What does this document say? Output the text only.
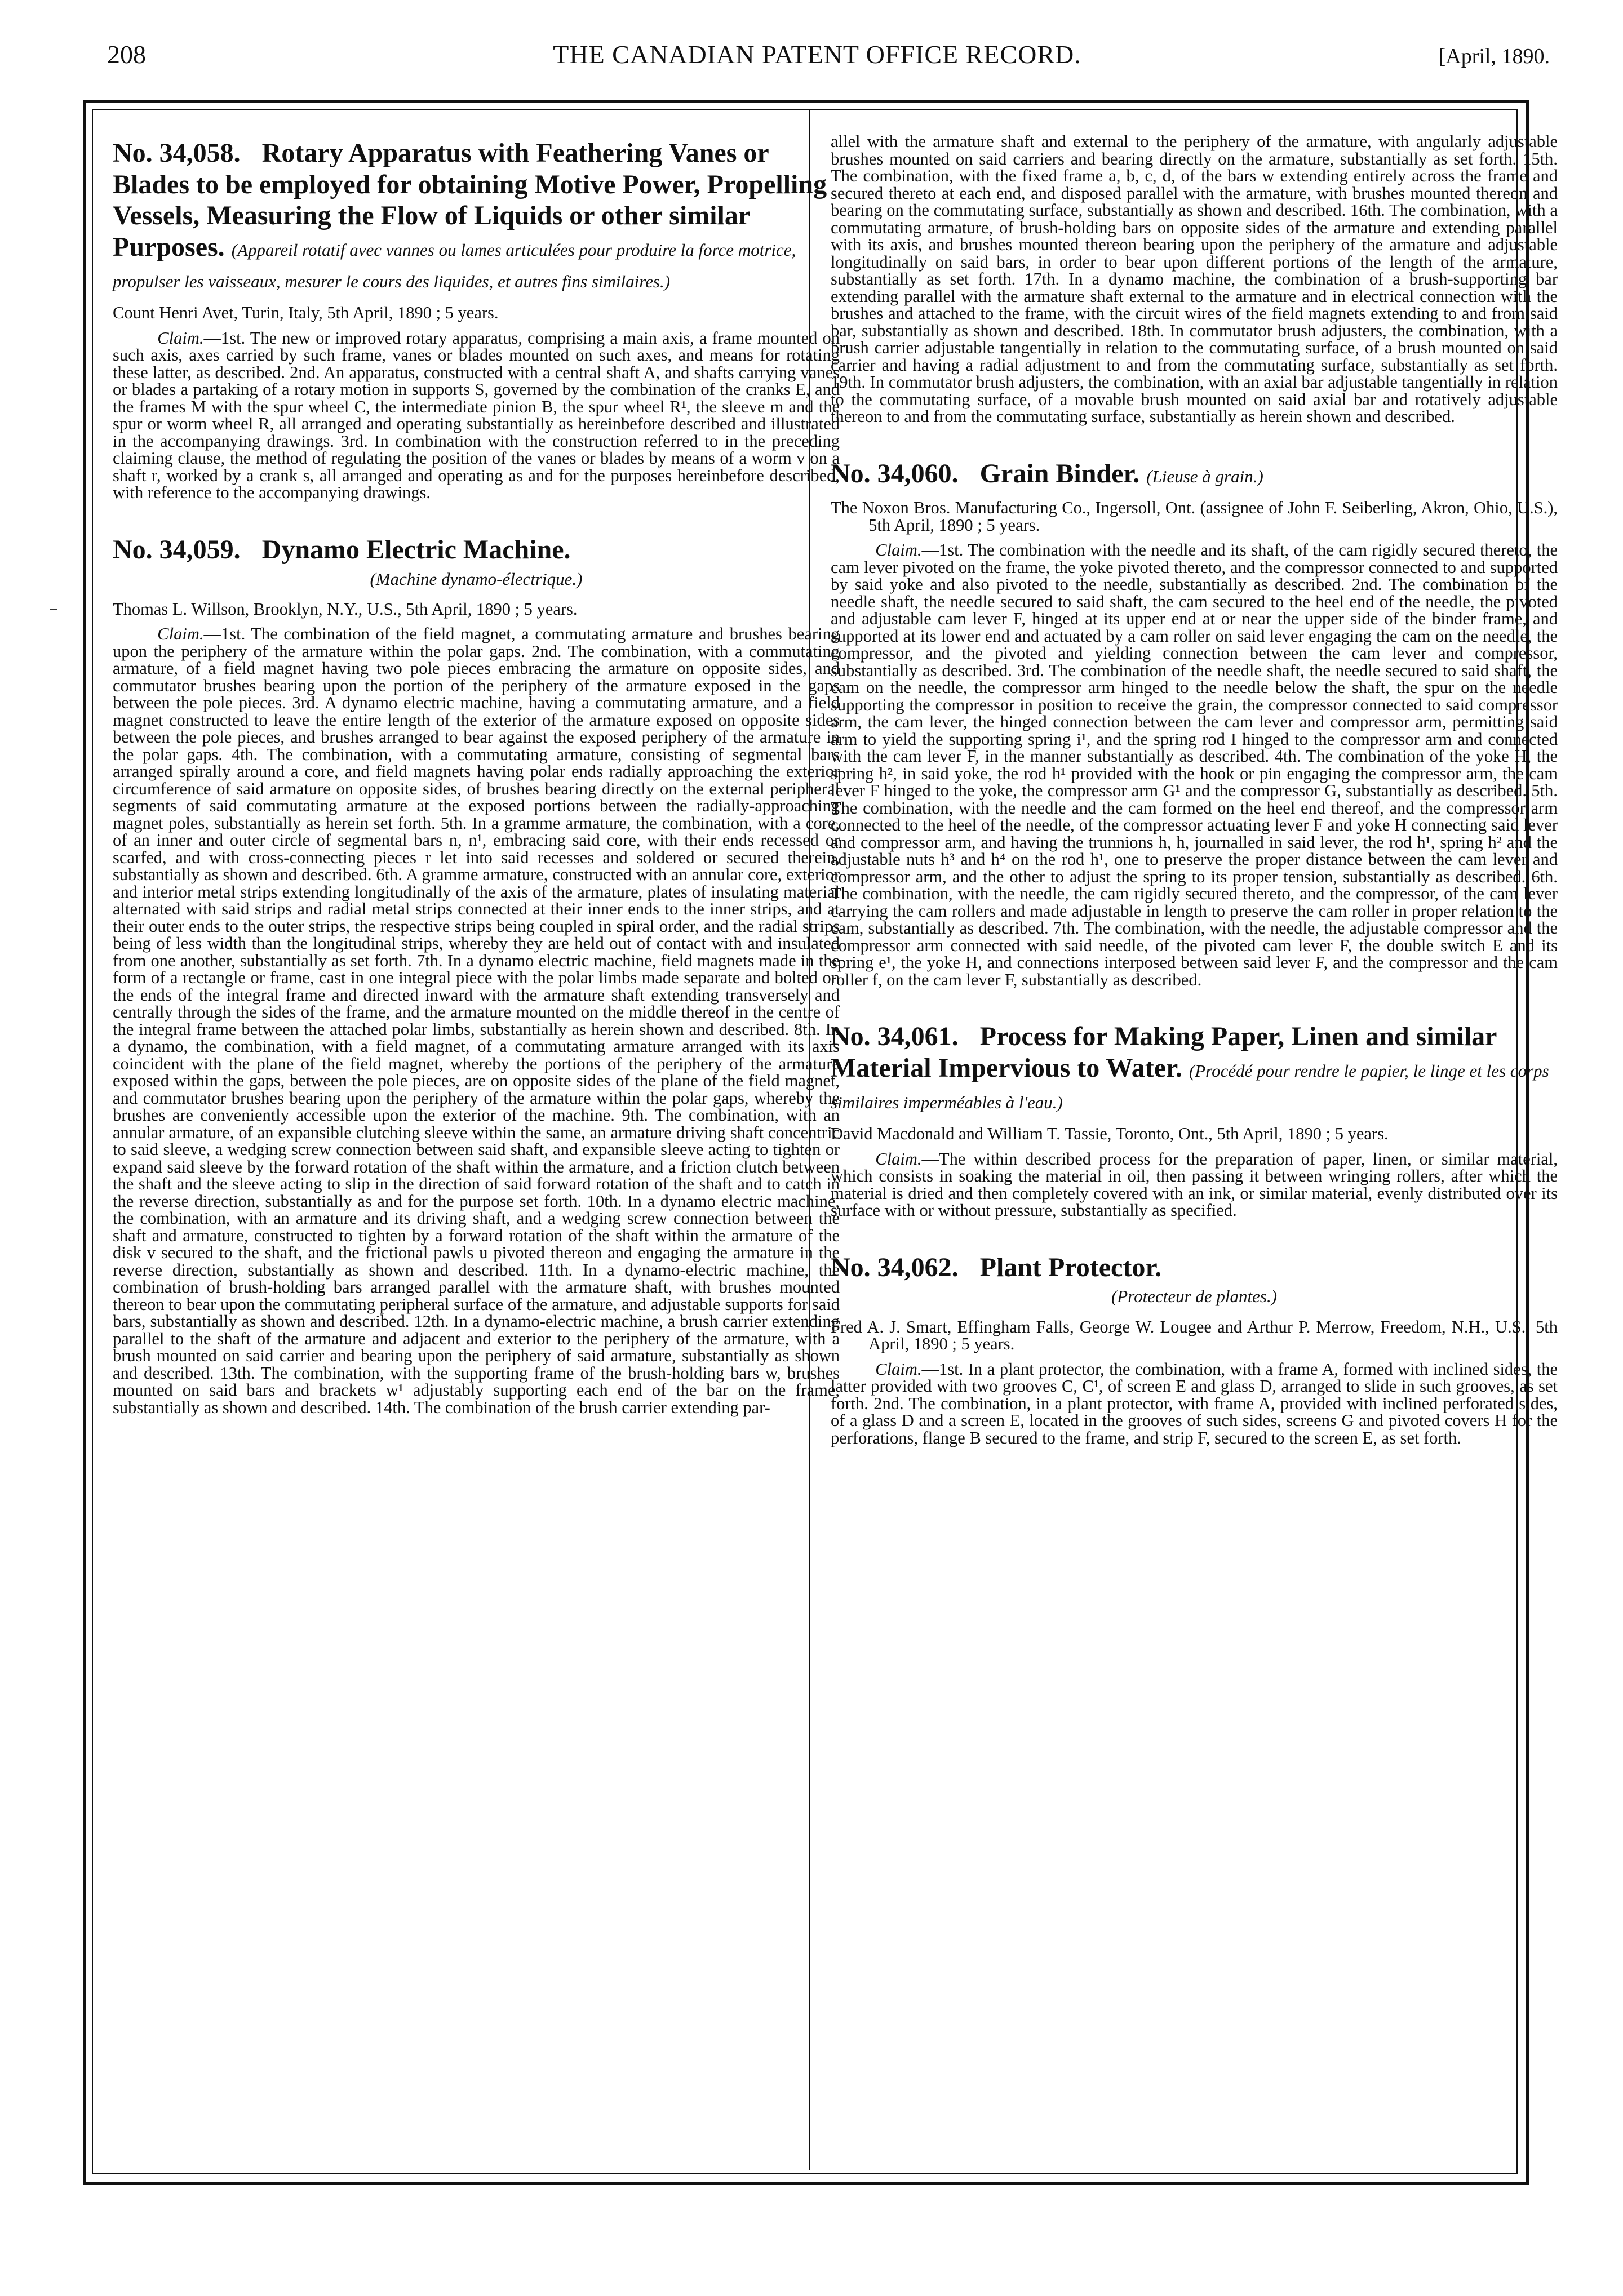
208	THE CANADIAN PATENT OFFICE RECORD.	[April, 1890.
No. 34,058. Rotary Apparatus with Feathering Vanes or Blades to be employed for obtaining Motive Power, Propelling Vessels, Measuring the Flow of Liquids or other similar Purposes. (Appareil rotatif avec vannes ou lames articulées pour produire la force motrice, propulser les vaisseaux, mesurer le cours des liquides, et autres fins similaires.)

Count Henri Avet, Turin, Italy, 5th April, 1890 ; 5 years.

Claim.—1st. The new or improved rotary apparatus, comprising a main axis, a frame mounted on such axis, axes carried by such frame, vanes or blades mounted on such axes, and means for rotating these latter, as described. 2nd. An apparatus, constructed with a central shaft A, and shafts carrying vanes or blades a partaking of a rotary motion in supports S, governed by the combination of the cranks E, and the frames M with the spur wheel C, the intermediate pinion B, the spur wheel R¹, the sleeve m and the spur or worm wheel R, all arranged and operating substantially as hereinbefore described and illustrated in the accompanying drawings. 3rd. In combination with the construction referred to in the preceding claiming clause, the method of regulating the position of the vanes or blades by means of a worm v on a shaft r, worked by a crank s, all arranged and operating as and for the purposes hereinbefore described, with reference to the accompanying drawings.

No. 34,059. Dynamo Electric Machine.

(Machine dynamo-électrique.)

Thomas L. Willson, Brooklyn, N.Y., U.S., 5th April, 1890 ; 5 years.

Claim.—1st. The combination of the field magnet, a commutating armature and brushes bearing upon the periphery of the armature within the polar gaps. 2nd. The combination, with a commutating armature, of a field magnet having two pole pieces embracing the armature on opposite sides, and commutator brushes bearing upon the portion of the periphery of the armature exposed in the gaps between the pole pieces. 3rd. A dynamo electric machine, having a commutating armature, and a field magnet constructed to leave the entire length of the exterior of the armature exposed on opposite sides between the pole pieces, and brushes arranged to bear against the exposed periphery of the armature in the polar gaps. 4th. The combination, with a commutating armature, consisting of segmental bars arranged spirally around a core, and field magnets having polar ends radially approaching the exterior circumference of said armature on opposite sides, of brushes bearing directly on the external peripheral segments of said commutating armature at the exposed portions between the radially-approaching magnet poles, substantially as herein set forth. 5th. In a gramme armature, the combination, with a core, of an inner and outer circle of segmental bars n, n¹, embracing said core, with their ends recessed or scarfed, and with cross-connecting pieces r let into said recesses and soldered or secured therein, substantially as shown and described. 6th. A gramme armature, constructed with an annular core, exterior and interior metal strips extending longitudinally of the axis of the armature, plates of insulating material alternated with said strips and radial metal strips connected at their inner ends to the inner strips, and at their outer ends to the outer strips, the respective strips being coupled in spiral order, and the radial strips being of less width than the longitudinal strips, whereby they are held out of contact with and insulated from one another, substantially as set forth. 7th. In a dynamo electric machine, field magnets made in the form of a rectangle or frame, cast in one integral piece with the polar limbs made separate and bolted on the ends of the integral frame and directed inward with the armature shaft extending transversely and centrally through the sides of the frame, and the armature mounted on the middle thereof in the centre of the integral frame between the attached polar limbs, substantially as herein shown and described. 8th. In a dynamo, the combination, with a field magnet, of a commutating armature arranged with its axis coincident with the plane of the field magnet, whereby the portions of the periphery of the armature exposed within the gaps, between the pole pieces, are on opposite sides of the plane of the field magnet, and commutator brushes bearing upon the periphery of the armature within the polar gaps, whereby the brushes are conveniently accessible upon the exterior of the machine. 9th. The combination, with an annular armature, of an expansible clutching sleeve within the same, an armature driving shaft concentric to said sleeve, a wedging screw connection between said shaft, and expansible sleeve acting to tighten or expand said sleeve by the forward rotation of the shaft within the armature, and a friction clutch between the shaft and the sleeve acting to slip in the direction of said forward rotation of the shaft and to catch in the reverse direction, substantially as and for the purpose set forth. 10th. In a dynamo electric machine, the combination, with an armature and its driving shaft, and a wedging screw connection between the shaft and armature, constructed to tighten by a forward rotation of the shaft within the armature of the disk v secured to the shaft, and the frictional pawls u pivoted thereon and engaging the armature in the reverse direction, substantially as shown and described. 11th. In a dynamo-electric machine, the combination of brush-holding bars arranged parallel with the armature shaft, with brushes mounted thereon to bear upon the commutating peripheral surface of the armature, and adjustable supports for said bars, substantially as shown and described. 12th. In a dynamo-electric machine, a brush carrier extending parallel to the shaft of the armature and adjacent and exterior to the periphery of the armature, with a brush mounted on said carrier and bearing upon the periphery of said armature, substantially as shown and described. 13th. The combination, with the supporting frame of the brush-holding bars w, brushes mounted on said bars and brackets w¹ adjustably supporting each end of the bar on the frame, substantially as shown and described. 14th. The combination of the brush carrier extending par-

allel with the armature shaft and external to the periphery of the armature, with angularly adjustable brushes mounted on said carriers and bearing directly on the armature, substantially as set forth. 15th. The combination, with the fixed frame a, b, c, d, of the bars w extending entirely across the frame and secured thereto at each end, and disposed parallel with the armature, with brushes mounted thereon and bearing on the commutating surface, substantially as shown and described. 16th. The combination, with a commutating armature, of brush-holding bars on opposite sides of the armature and extending parallel with its axis, and brushes mounted thereon bearing upon the periphery of the armature and adjustable longitudinally on said bars, in order to bear upon different portions of the length of the armature, substantially as set forth. 17th. In a dynamo machine, the combination of a brush-supporting bar extending parallel with the armature shaft external to the armature and in electrical connection with the brushes and attached to the frame, with the circuit wires of the field magnets extending to and from said bar, substantially as shown and described. 18th. In commutator brush adjusters, the combination, with a brush carrier adjustable tangentially in relation to the commutating surface, of a brush mounted on said carrier and having a radial adjustment to and from the commutating surface, substantially as set forth. 19th. In commutator brush adjusters, the combination, with an axial bar adjustable tangentially in relation to the commutating surface, of a movable brush mounted on said axial bar and rotatively adjustable thereon to and from the commutating surface, substantially as herein shown and described.

No. 34,060. Grain Binder. (Lieuse à grain.)

The Noxon Bros. Manufacturing Co., Ingersoll, Ont. (assignee of John F. Seiberling, Akron, Ohio, U.S.), 5th April, 1890 ; 5 years.

Claim.—1st. The combination with the needle and its shaft, of the cam rigidly secured thereto, the cam lever pivoted on the frame, the yoke pivoted thereto, and the compressor connected to and supported by said yoke and also pivoted to the needle, substantially as described. 2nd. The combination of the needle shaft, the needle secured to said shaft, the cam secured to the heel end of the needle, the pivoted and adjustable cam lever F, hinged at its upper end at or near the upper side of the binder frame, and supported at its lower end and actuated by a cam roller on said lever engaging the cam on the needle, the compressor, and the pivoted and yielding connection between the cam lever and compressor, substantially as described. 3rd. The combination of the needle shaft, the needle secured to said shaft, the cam on the needle, the compressor arm hinged to the needle below the shaft, the spur on the needle supporting the compressor in position to receive the grain, the compressor connected to said compressor arm, the cam lever, the hinged connection between the cam lever and compressor arm, permitting said arm to yield the supporting spring i¹, and the spring rod I hinged to the compressor arm and connected with the cam lever F, in the manner substantially as described. 4th. The combination of the yoke H, the spring h², in said yoke, the rod h¹ provided with the hook or pin engaging the compressor arm, the cam lever F hinged to the yoke, the compressor arm G¹ and the compressor G, substantially as described. 5th. The combination, with the needle and the cam formed on the heel end thereof, and the compressor arm connected to the heel of the needle, of the compressor actuating lever F and yoke H connecting said lever and compressor arm, and having the trunnions h, h, journalled in said lever, the rod h¹, spring h² and the adjustable nuts h³ and h⁴ on the rod h¹, one to preserve the proper distance between the cam lever and compressor arm, and the other to adjust the spring to its proper tension, substantially as described. 6th. The combination, with the needle, the cam rigidly secured thereto, and the compressor, of the cam lever carrying the cam rollers and made adjustable in length to preserve the cam roller in proper relation to the cam, substantially as described. 7th. The combination, with the needle, the adjustable compressor and the compressor arm connected with said needle, of the pivoted cam lever F, the double switch E and its spring e¹, the yoke H, and connections interposed between said lever F, and the compressor and the cam roller f, on the cam lever F, substantially as described.

No. 34,061. Process for Making Paper, Linen and similar Material Impervious to Water. (Procédé pour rendre le papier, le linge et les corps similaires imperméables à l'eau.)

David Macdonald and William T. Tassie, Toronto, Ont., 5th April, 1890 ; 5 years.

Claim.—The within described process for the preparation of paper, linen, or similar material, which consists in soaking the material in oil, then passing it between wringing rollers, after which the material is dried and then completely covered with an ink, or similar material, evenly distributed over its surface with or without pressure, substantially as specified.

No. 34,062. Plant Protector.

(Protecteur de plantes.)

Fred A. J. Smart, Effingham Falls, George W. Lougee and Arthur P. Merrow, Freedom, N.H., U.S., 5th April, 1890 ; 5 years.

Claim.—1st. In a plant protector, the combination, with a frame A, formed with inclined sides, the latter provided with two grooves C, C¹, of screen E and glass D, arranged to slide in such grooves, as set forth. 2nd. The combination, in a plant protector, with frame A, provided with inclined perforated sides, of a glass D and a screen E, located in the grooves of such sides, screens G and pivoted covers H for the perforations, flange B secured to the frame, and strip F, secured to the screen E, as set forth.
